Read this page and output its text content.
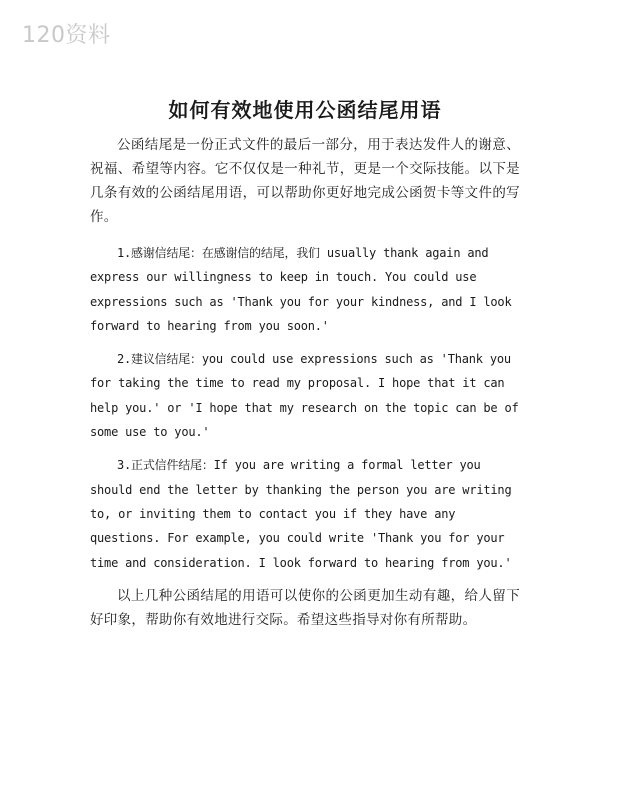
120资料
如何有效地使用公函结尾用语

公函结尾是一份正式文件的最后一部分，用于表达发件人的谢意、祝福、希望等内容。它不仅仅是一种礼节，更是一个交际技能。以下是几条有效的公函结尾用语，可以帮助你更好地完成公函贺卡等文件的写作。

1.感谢信结尾：在感谢信的结尾，我们 usually thank again and express our willingness to keep in touch. You could use expressions such as 'Thank you for your kindness, and I look forward to hearing from you soon.'

2.建议信结尾：you could use expressions such as 'Thank you for taking the time to read my proposal. I hope that it can help you.' or 'I hope that my research on the topic can be of some use to you.'

3.正式信件结尾：If you are writing a formal letter you should end the letter by thanking the person you are writing to, or inviting them to contact you if they have any questions. For example, you could write 'Thank you for your time and consideration. I look forward to hearing from you.'

以上几种公函结尾的用语可以使你的公函更加生动有趣，给人留下好印象，帮助你有效地进行交际。希望这些指导对你有所帮助。
